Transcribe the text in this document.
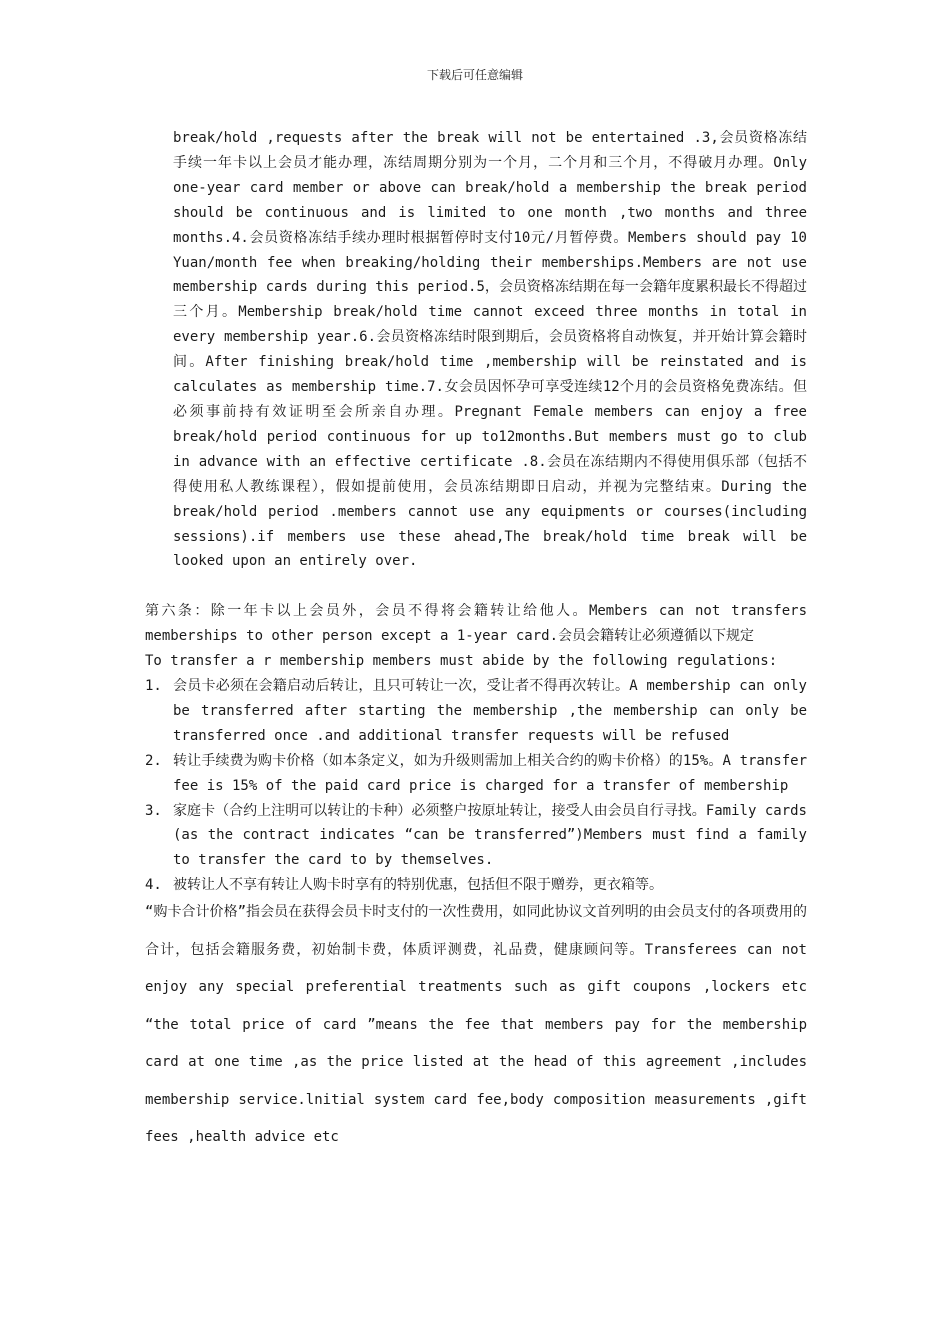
下载后可任意编辑

break/hold ,requests after the break will not be entertained .3,会员资格冻结手续一年卡以上会员才能办理，冻结周期分别为一个月，二个月和三个月，不得破月办理。Only one-year card member or above can break/hold a membership the break period should be continuous and is limited to one month ,two months and three months.4.会员资格冻结手续办理时根据暂停时支付10元/月暂停费。Members should pay 10 Yuan/month fee when breaking/holding their memberships.Members are not use membership cards during this period.5，会员资格冻结期在每一会籍年度累积最长不得超过三个月。Membership break/hold time cannot exceed three months in total in every membership year.6.会员资格冻结时限到期后，会员资格将自动恢复，并开始计算会籍时间。After finishing break/hold time ,membership will be reinstated and is calculates as membership time.7.女会员因怀孕可享受连续12个月的会员资格免费冻结。但必须事前持有效证明至会所亲自办理。Pregnant Female members can enjoy a free break/hold period continuous for up to12months.But members must go to club in advance with an effective certificate .8.会员在冻结期内不得使用俱乐部（包括不得使用私人教练课程），假如提前使用，会员冻结期即日启动，并视为完整结束。During the break/hold period .members cannot use any equipments or courses(including sessions).if members use these ahead,The break/hold time break will be looked upon an entirely over.

第六条：除一年卡以上会员外，会员不得将会籍转让给他人。Members can not transfers memberships to other person except a 1-year card.会员会籍转让必须遵循以下规定

To transfer a r membership members must abide by the following regulations:

1. 会员卡必须在会籍启动后转让，且只可转让一次，受让者不得再次转让。A membership can only be transferred after starting the membership ,the membership can only be transferred once .and additional transfer requests will be refused
2. 转让手续费为购卡价格（如本条定义，如为升级则需加上相关合约的购卡价格）的15%。A transfer fee is 15% of the paid card price is charged for a transfer of membership
3. 家庭卡（合约上注明可以转让的卡种）必须整户按原址转让，接受人由会员自行寻找。Family cards (as the contract indicates “can be transferred”)Members must find a family to transfer the card to by themselves.
4. 被转让人不享有转让人购卡时享有的特别优惠，包括但不限于赠券，更衣箱等。

“购卡合计价格”指会员在获得会员卡时支付的一次性费用，如同此协议文首列明的由会员支付的各项费用的合计，包括会籍服务费，初始制卡费，体质评测费，礼品费，健康顾问等。Transferees can not enjoy any special preferential treatments such as gift coupons ,lockers etc “the total price of card ”means the fee that members pay for the membership card at one time ,as the price listed at the head of this agreement ,includes membership service.lnitial system card fee,body composition measurements ,gift fees ,health advice etc
